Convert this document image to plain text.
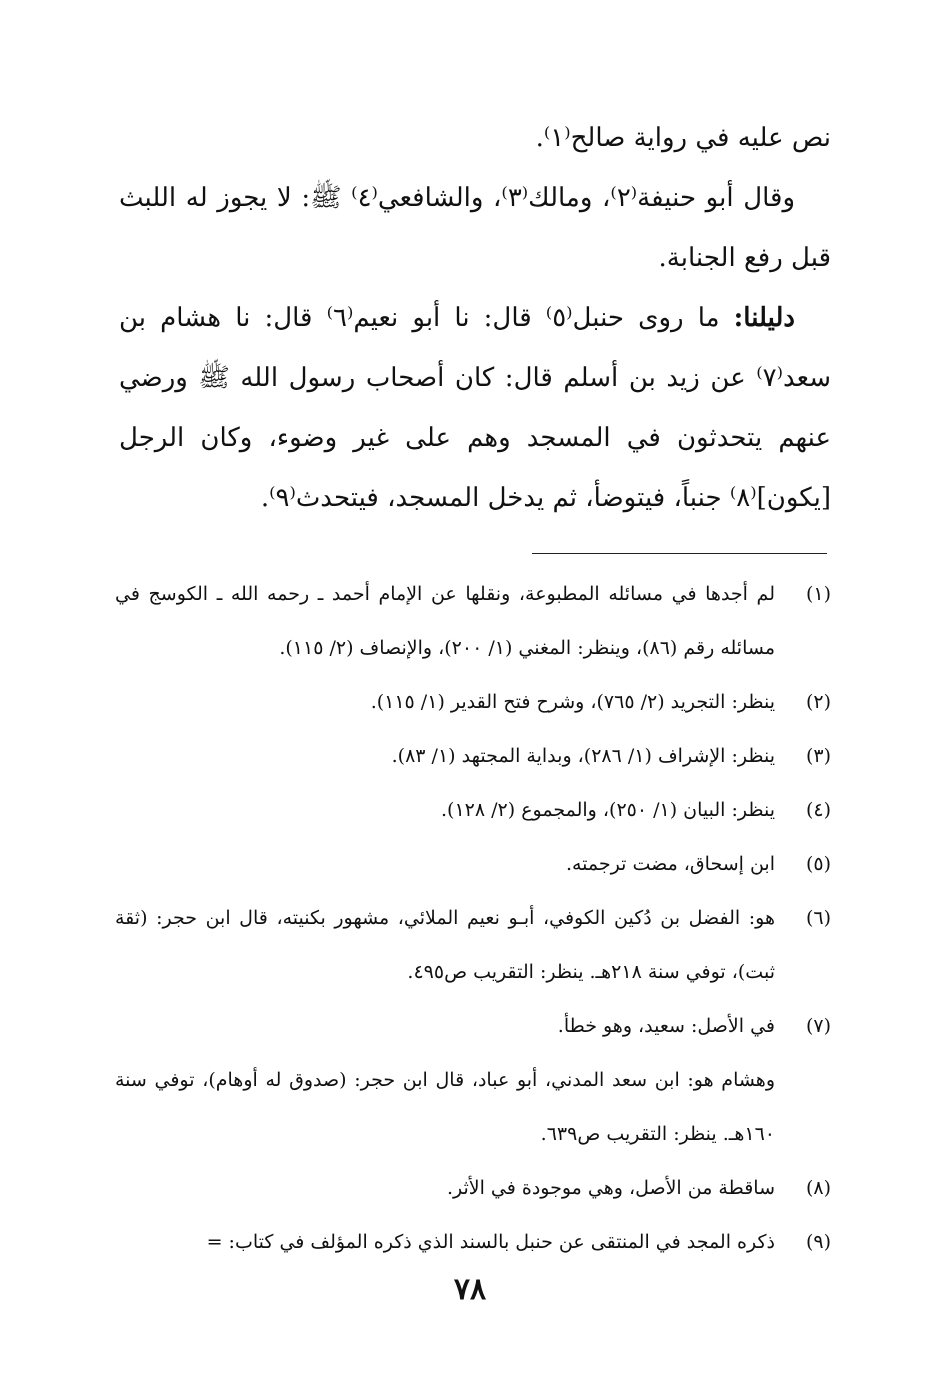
نص عليه في رواية صالح⁽١⁾.

وقال أبو حنيفة⁽٢⁾، ومالك⁽٣⁾، والشافعي⁽٤⁾ ﷺ: لا يجوز له اللبث قبل رفع الجنابة.

دليلنا: ما روى حنبل⁽٥⁾ قال: نا أبو نعيم⁽٦⁾ قال: نا هشام بن سعد⁽٧⁾ عن زيد بن أسلم قال: كان أصحاب رسول الله ﷺ ورضي عنهم يتحدثون في المسجد وهم على غير وضوء، وكان الرجل [يكون]⁽٨⁾ جنباً، فيتوضأ، ثم يدخل المسجد، فيتحدث⁽٩⁾.

(١)
لم أجدها في مسائله المطبوعة، ونقلها عن الإمام أحمد ـ رحمه الله ـ الكوسج في مسائله رقم (٨٦)، وينظر: المغني (١/ ٢٠٠)، والإنصاف (٢/ ١١٥).
(٢)
ينظر: التجريد (٢/ ٧٦٥)، وشرح فتح القدير (١/ ١١٥).
(٣)
ينظر: الإشراف (١/ ٢٨٦)، وبداية المجتهد (١/ ٨٣).
(٤)
ينظر: البيان (١/ ٢٥٠)، والمجموع (٢/ ١٢٨).
(٥)
ابن إسحاق، مضت ترجمته.
(٦)
هو: الفضل بن دُكين الكوفي، أبـو نعيم الملائي، مشهور بكنيته، قال ابن حجر: (ثقة ثبت)، توفي سنة ٢١٨هـ. ينظر: التقريب ص٤٩٥.
(٧)
في الأصل: سعيد، وهو خطأ.

وهشام هو: ابن سعد المدني، أبو عباد، قال ابن حجر: (صدوق له أوهام)، توفي سنة ١٦٠هـ. ينظر: التقريب ص٦٣٩.

(٨)
ساقطة من الأصل، وهي موجودة في الأثر.
(٩)
ذكره المجد في المنتقى عن حنبل بالسند الذي ذكره المؤلف في كتاب: =
٧٨
